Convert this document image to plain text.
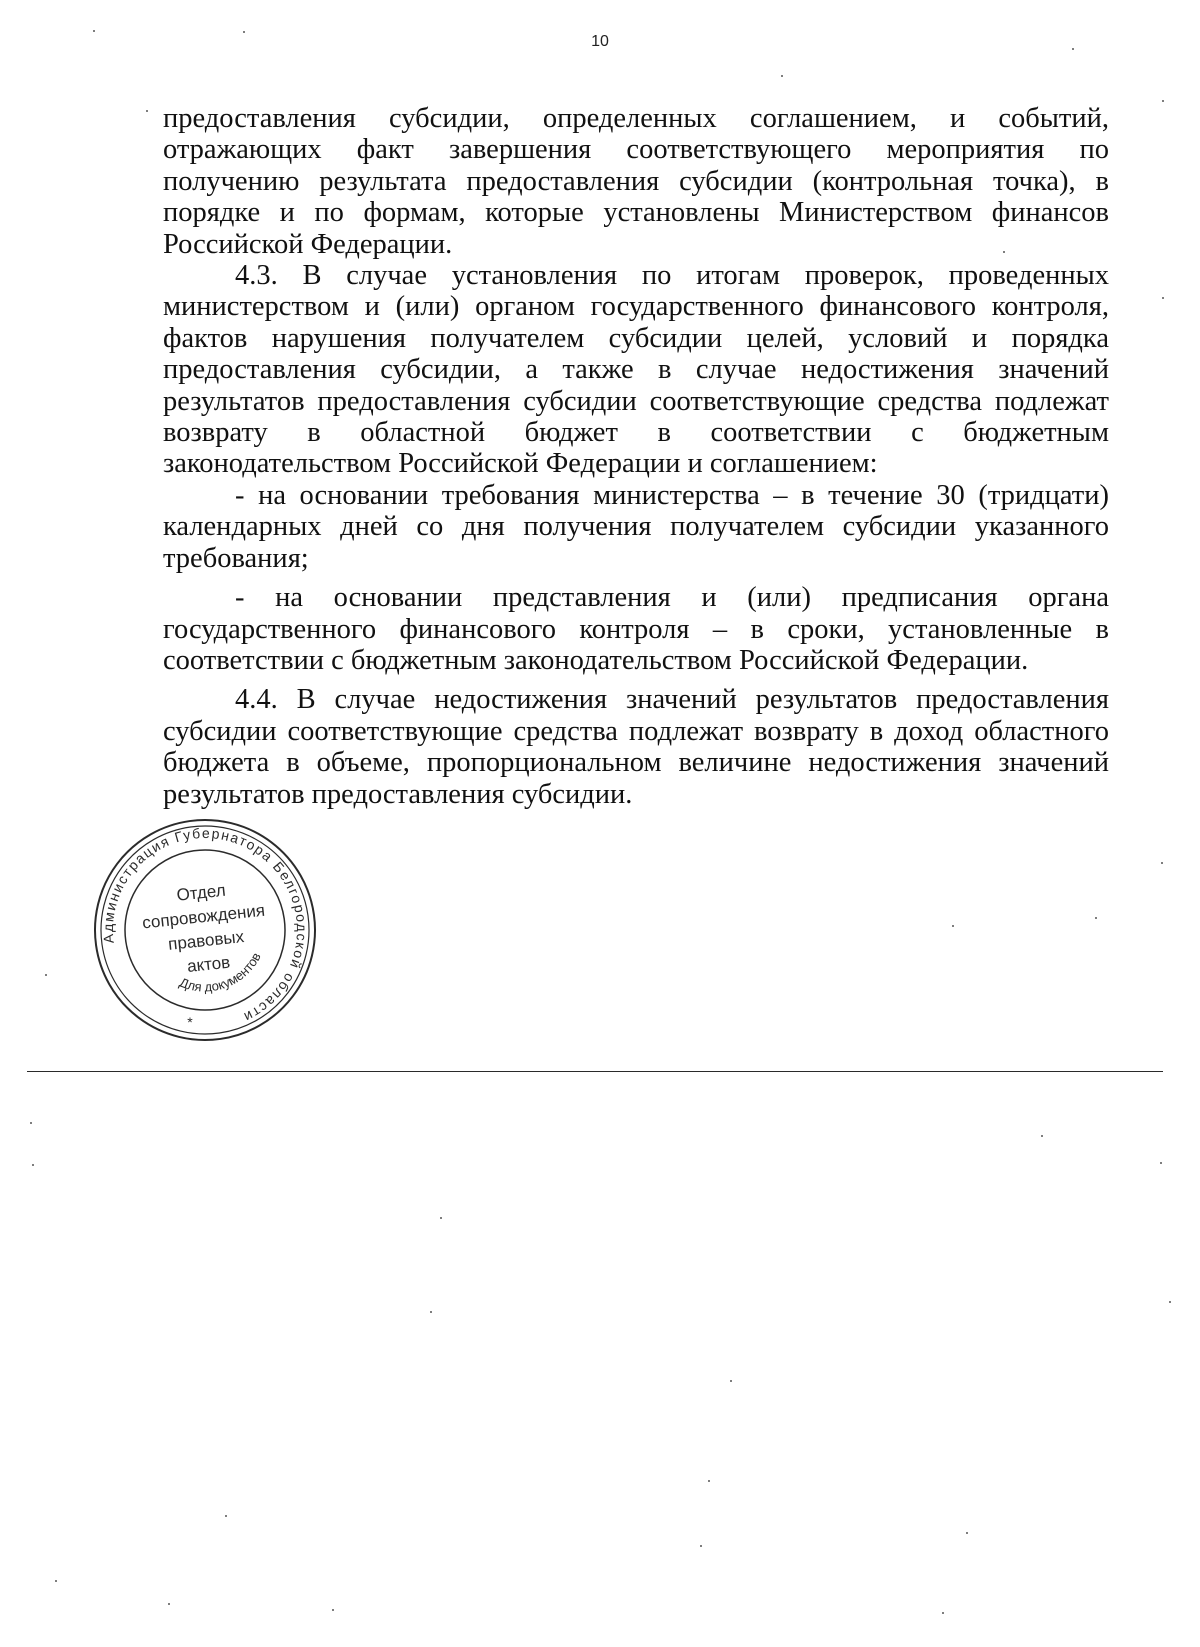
10

предоставления субсидии, определенных соглашением, и событий, отражающих факт завершения соответствующего мероприятия по получению результата предоставления субсидии (контрольная точка), в порядке и по формам, которые установлены Министерством финансов Российской Федерации.

4.3. В случае установления по итогам проверок, проведенных министерством и (или) органом государственного финансового контроля, фактов нарушения получателем субсидии целей, условий и порядка предоставления субсидии, а также в случае недостижения значений результатов предоставления субсидии соответствующие средства подлежат возврату в областной бюджет в соответствии с бюджетным законодательством Российской Федерации и соглашением:

- на основании требования министерства – в течение 30 (тридцати) календарных дней со дня получения получателем субсидии указанного требования;

- на основании представления и (или) предписания органа государственного финансового контроля – в сроки, установленные в соответствии с бюджетным законодательством Российской Федерации.

4.4. В случае недостижения значений результатов предоставления субсидии соответствующие средства подлежат возврату в доход областного бюджета в объеме, пропорциональном величине недостижения значений результатов предоставления субсидии.

Администрация Губернатора Белгородской области
Для документов
Отдел
сопровождения
правовых
актов
*
